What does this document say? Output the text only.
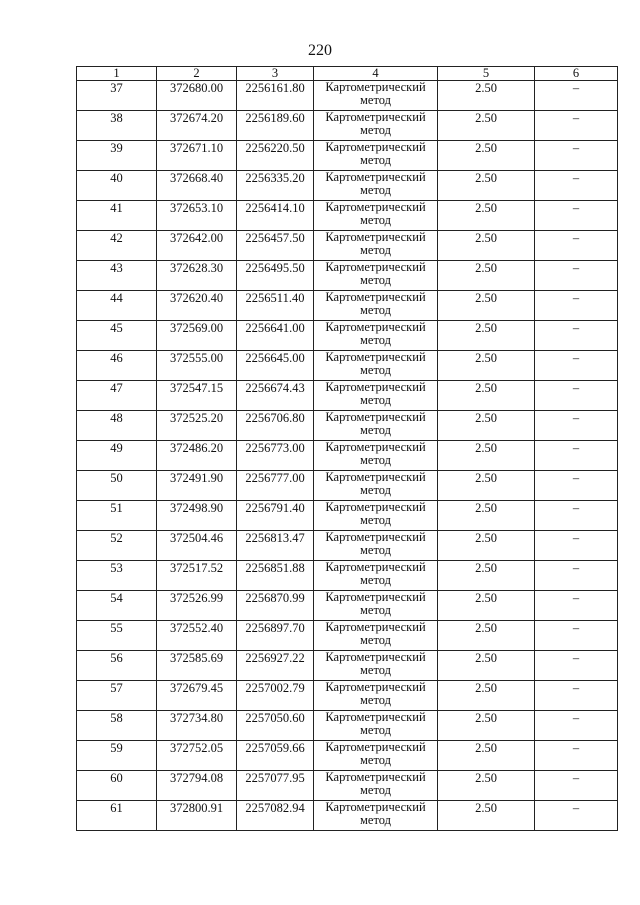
220
1	2	3	4	5	6

37	372680.00	2256161.80	Картометрический
метод	2.50	–

38	372674.20	2256189.60	Картометрический
метод	2.50	–

39	372671.10	2256220.50	Картометрический
метод	2.50	–

40	372668.40	2256335.20	Картометрический
метод	2.50	–

41	372653.10	2256414.10	Картометрический
метод	2.50	–

42	372642.00	2256457.50	Картометрический
метод	2.50	–

43	372628.30	2256495.50	Картометрический
метод	2.50	–

44	372620.40	2256511.40	Картометрический
метод	2.50	–

45	372569.00	2256641.00	Картометрический
метод	2.50	–

46	372555.00	2256645.00	Картометрический
метод	2.50	–

47	372547.15	2256674.43	Картометрический
метод	2.50	–

48	372525.20	2256706.80	Картометрический
метод	2.50	–

49	372486.20	2256773.00	Картометрический
метод	2.50	–

50	372491.90	2256777.00	Картометрический
метод	2.50	–

51	372498.90	2256791.40	Картометрический
метод	2.50	–

52	372504.46	2256813.47	Картометрический
метод	2.50	–

53	372517.52	2256851.88	Картометрический
метод	2.50	–

54	372526.99	2256870.99	Картометрический
метод	2.50	–

55	372552.40	2256897.70	Картометрический
метод	2.50	–

56	372585.69	2256927.22	Картометрический
метод	2.50	–

57	372679.45	2257002.79	Картометрический
метод	2.50	–

58	372734.80	2257050.60	Картометрический
метод	2.50	–

59	372752.05	2257059.66	Картометрический
метод	2.50	–

60	372794.08	2257077.95	Картометрический
метод	2.50	–

61	372800.91	2257082.94	Картометрический
метод	2.50	–
